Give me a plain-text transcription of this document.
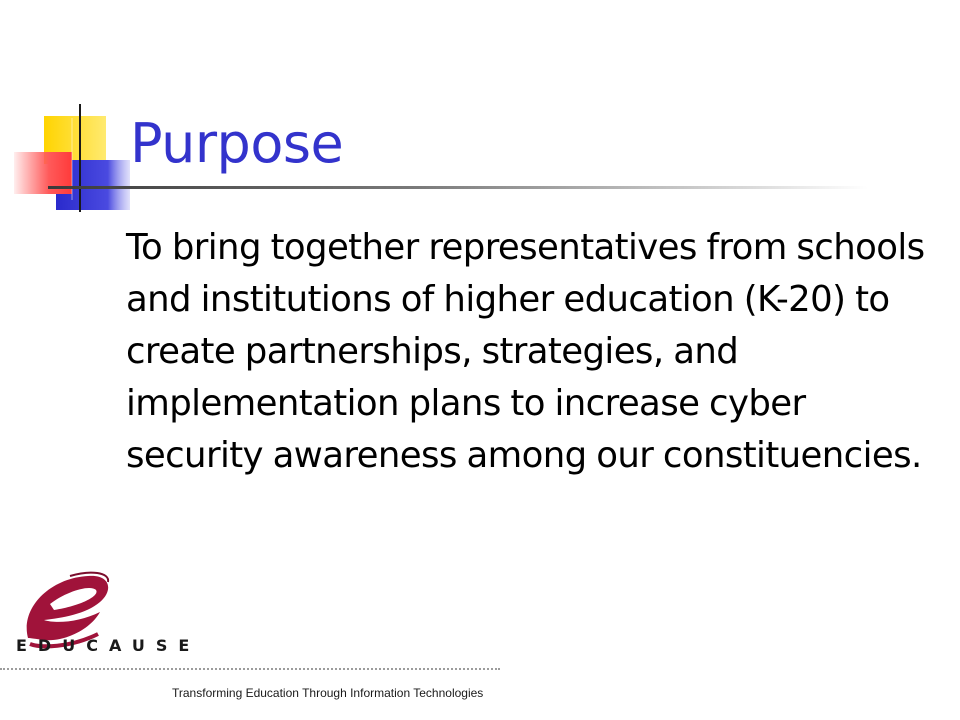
Purpose
To bring together representatives from schools and institutions of higher education (K-20) to create partnerships, strategies, and implementation plans to increase cyber security awareness among our constituencies.
EDUCAUSE
Transforming Education Through Information Technologies
